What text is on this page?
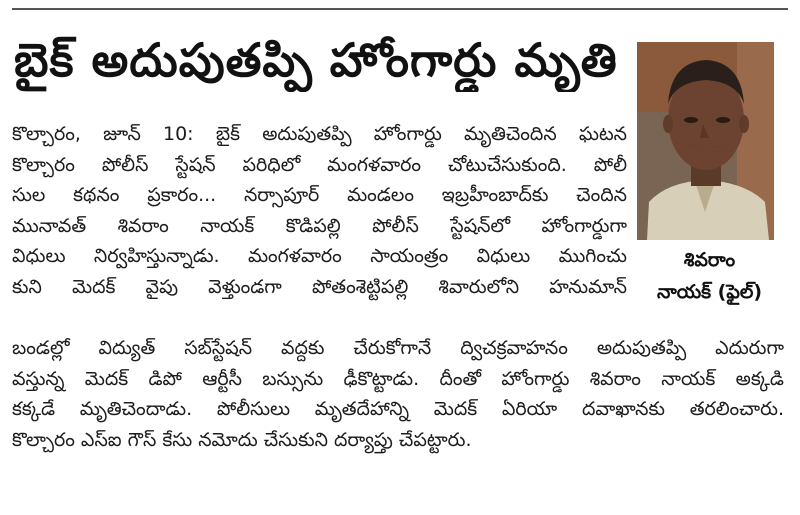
బైక్ అదుపుతప్పి హోంగార్డు మృతి
శివరాం
నాయక్ (ఫైల్)
కొల్చారం, జూన్ 10: బైక్ అదుపుతప్పి హోంగార్డు మృతిచెందిన ఘటన
కొల్చారం పోలీస్ స్టేషన్ పరిధిలో మంగళవారం చోటుచేసుకుంది. పోలీ
సుల కథనం ప్రకారం... నర్సాపూర్ మండలం ఇబ్రహీంబాద్‌కు చెందిన
మునావత్ శివరాం నాయక్ కొడిపల్లి పోలీస్ స్టేషన్‌లో హోంగార్డుగా
విధులు నిర్వహిస్తున్నాడు. మంగళవారం సాయంత్రం విధులు ముగించు
కుని మెదక్ వైపు వెళ్తుండగా పోతంశెట్టిపల్లి శివారులోని హనుమాన్
బండల్లో విద్యుత్ సబ్‌స్టేషన్ వద్దకు చేరుకోగానే ద్విచక్రవాహనం అదుపుతప్పి ఎదురుగా
వస్తున్న మెదక్ డిపో ఆర్టీసీ బస్సును ఢీకొట్టాడు. దీంతో హోంగార్డు శివరాం నాయక్ అక్కడి
కక్కడే మృతిచెందాడు. పోలీసులు మృతదేహాన్ని మెదక్ ఏరియా దవాఖానకు తరలించారు.
కొల్చారం ఎస్ఐ గౌస్ కేసు నమోదు చేసుకుని దర్యాప్తు చేపట్టారు.
